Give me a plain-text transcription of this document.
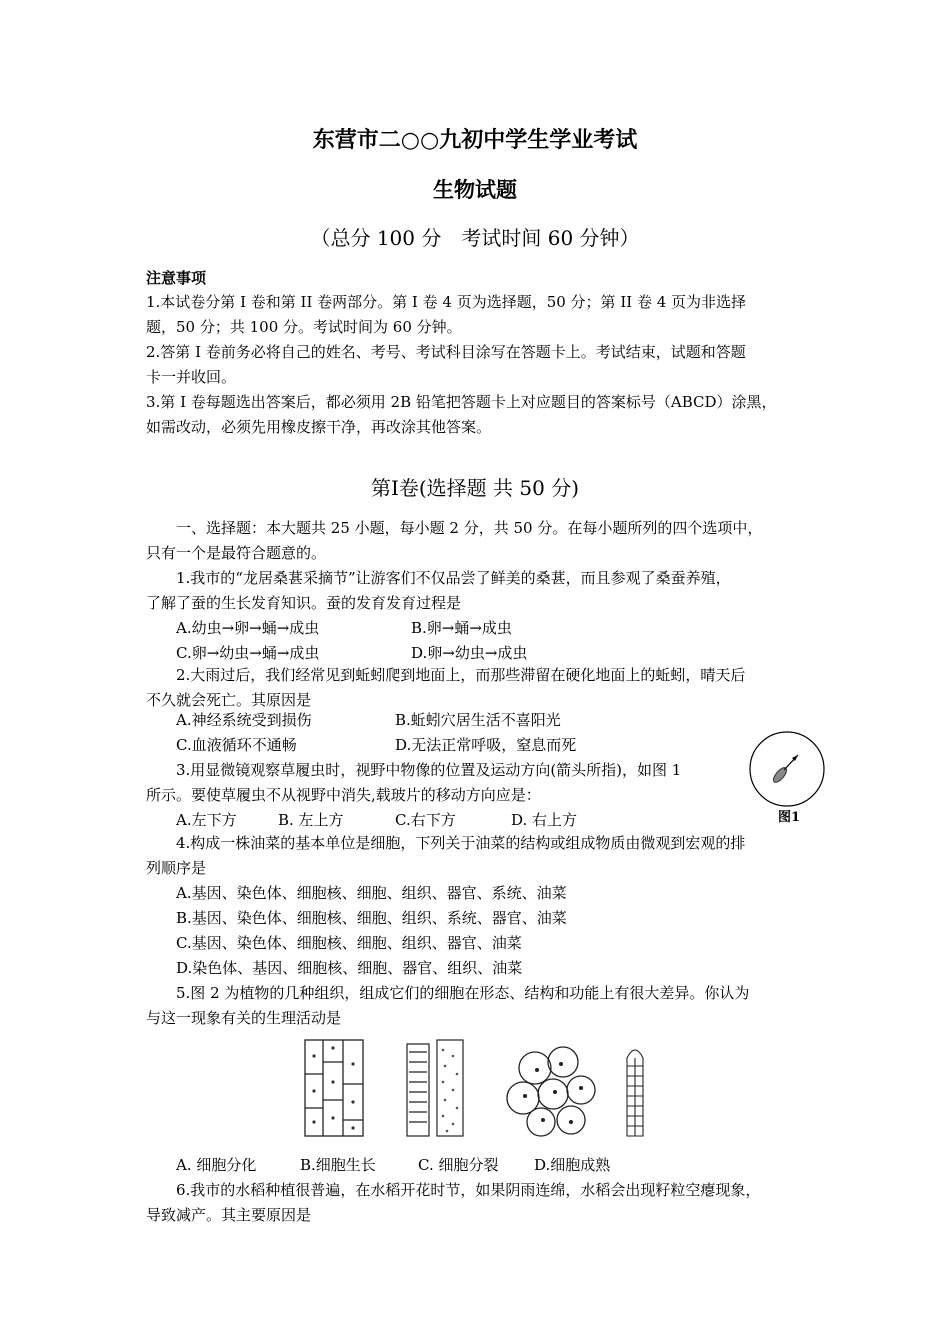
东营市二○○九初中学生学业考试
生物试题
（总分 100 分　考试时间 60 分钟）
注意事项
1.本试卷分第 I 卷和第 II 卷两部分。第 I 卷 4 页为选择题，50 分；第 II 卷 4 页为非选择
题，50 分；共 100 分。考试时间为 60 分钟。
2.答第 I 卷前务必将自己的姓名、考号、考试科目涂写在答题卡上。考试结束，试题和答题
卡一并收回。
3.第 I 卷每题选出答案后，都必须用 2B 铅笔把答题卡上对应题目的答案标号（ABCD）涂黑，
如需改动，必须先用橡皮擦干净，再改涂其他答案。
第Ⅰ卷(选择题 共 50 分)
一、选择题：本大题共 25 小题，每小题 2 分，共 50 分。在每小题所列的四个选项中，
只有一个是最符合题意的。
1.我市的“龙居桑葚采摘节”让游客们不仅品尝了鲜美的桑葚，而且参观了桑蚕养殖，
了解了蚕的生长发育知识。蚕的发育发育过程是
A.幼虫→卵→蛹→成虫	B.卵→蛹→成虫
C.卵→幼虫→蛹→成虫	D.卵→幼虫→成虫
2.大雨过后，我们经常见到蚯蚓爬到地面上，而那些滞留在硬化地面上的蚯蚓，晴天后
不久就会死亡。其原因是
A.神经系统受到损伤	B.蚯蚓穴居生活不喜阳光
C.血液循环不通畅	D.无法正常呼吸，窒息而死
3.用显微镜观察草履虫时，视野中物像的位置及运动方向(箭头所指)，如图 1
所示。要使草履虫不从视野中消失,载玻片的移动方向应是：
A.左下方	B. 左上方	C.右下方	D. 右上方	图1
4.构成一株油菜的基本单位是细胞，下列关于油菜的结构或组成物质由微观到宏观的排
列顺序是
A.基因、染色体、细胞核、细胞、组织、器官、系统、油菜
B.基因、染色体、细胞核、细胞、组织、系统、器官、油菜
C.基因、染色体、细胞核、细胞、组织、器官、油菜
D.染色体、基因、细胞核、细胞、器官、组织、油菜
5.图 2 为植物的几种组织，组成它们的细胞在形态、结构和功能上有很大差异。你认为
与这一现象有关的生理活动是
A. 细胞分化	B.细胞生长	C. 细胞分裂 D.细胞成熟
6.我市的水稻种植很普遍，在水稻开花时节，如果阴雨连绵，水稻会出现籽粒空瘪现象，
导致减产。其主要原因是
